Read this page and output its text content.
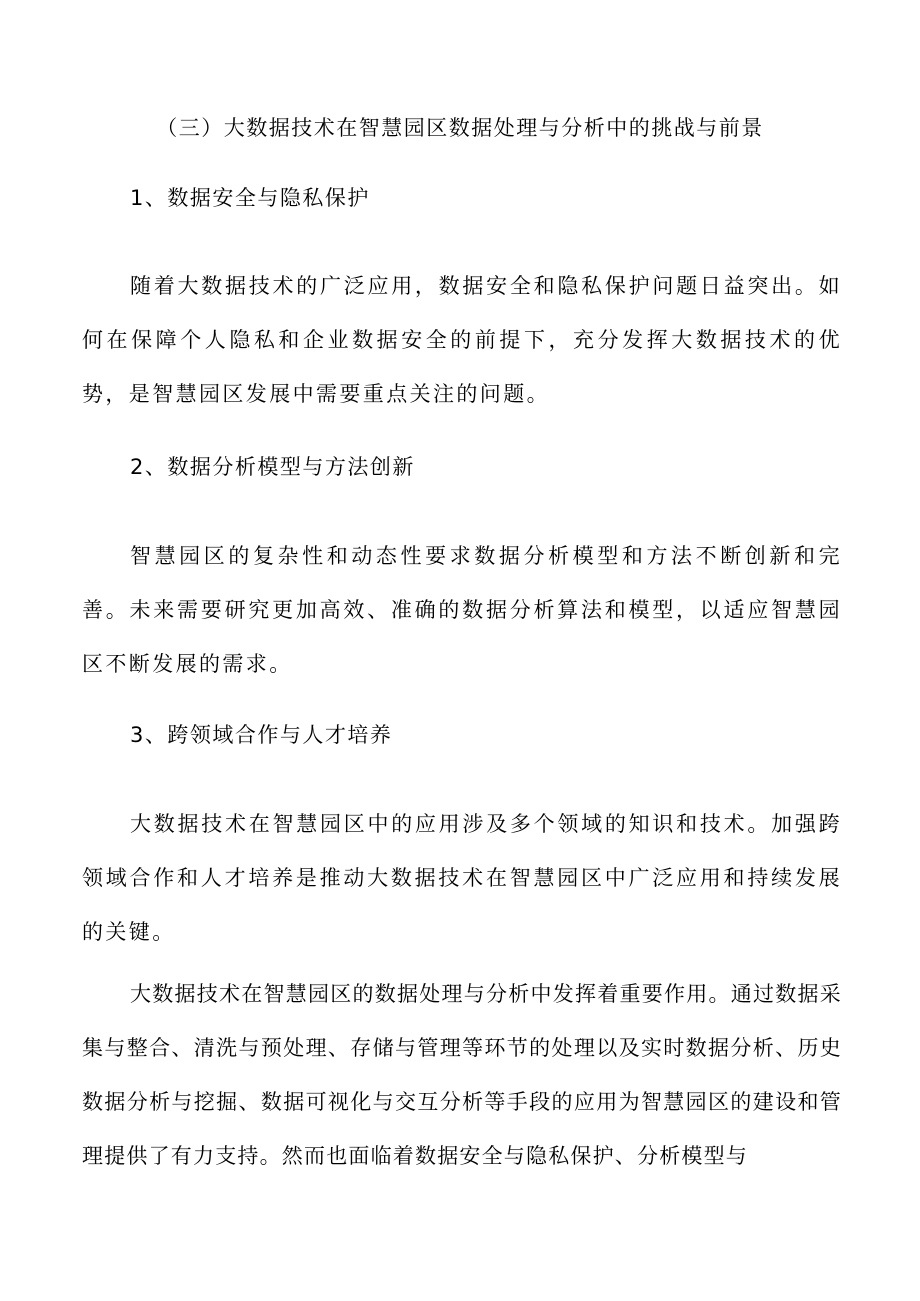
（三）大数据技术在智慧园区数据处理与分析中的挑战与前景
1、数据安全与隐私保护

随着大数据技术的广泛应用，数据安全和隐私保护问题日益突出。如何在保障个人隐私和企业数据安全的前提下，充分发挥大数据技术的优势，是智慧园区发展中需要重点关注的问题。

2、数据分析模型与方法创新

智慧园区的复杂性和动态性要求数据分析模型和方法不断创新和完善。未来需要研究更加高效、准确的数据分析算法和模型，以适应智慧园区不断发展的需求。

3、跨领域合作与人才培养

大数据技术在智慧园区中的应用涉及多个领域的知识和技术。加强跨领域合作和人才培养是推动大数据技术在智慧园区中广泛应用和持续发展的关键。

大数据技术在智慧园区的数据处理与分析中发挥着重要作用。通过数据采集与整合、清洗与预处理、存储与管理等环节的处理以及实时数据分析、历史数据分析与挖掘、数据可视化与交互分析等手段的应用为智慧园区的建设和管理提供了有力支持。然而也面临着数据安全与隐私保护、分析模型与
